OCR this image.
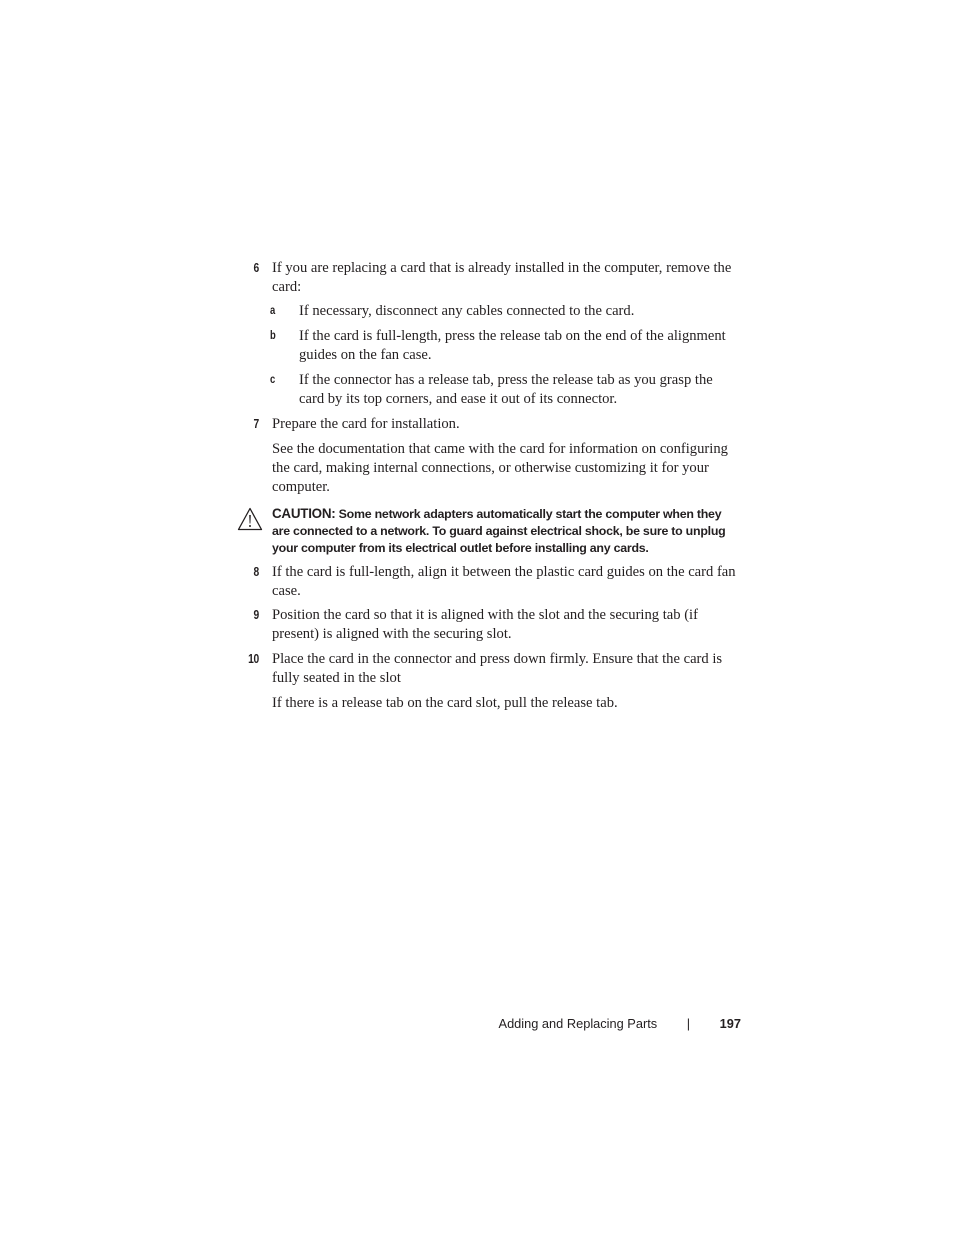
6 If you are replacing a card that is already installed in the computer, remove the card:
a If necessary, disconnect any cables connected to the card.
b If the card is full-length, press the release tab on the end of the alignment guides on the fan case.
c If the connector has a release tab, press the release tab as you grasp the card by its top corners, and ease it out of its connector.
7 Prepare the card for installation.
See the documentation that came with the card for information on configuring the card, making internal connections, or otherwise customizing it for your computer.
CAUTION: Some network adapters automatically start the computer when they are connected to a network. To guard against electrical shock, be sure to unplug your computer from its electrical outlet before installing any cards.
8 If the card is full-length, align it between the plastic card guides on the card fan case.
9 Position the card so that it is aligned with the slot and the securing tab (if present) is aligned with the securing slot.
10 Place the card in the connector and press down firmly. Ensure that the card is fully seated in the slot
If there is a release tab on the card slot, pull the release tab.
Adding and Replacing Parts | 197
